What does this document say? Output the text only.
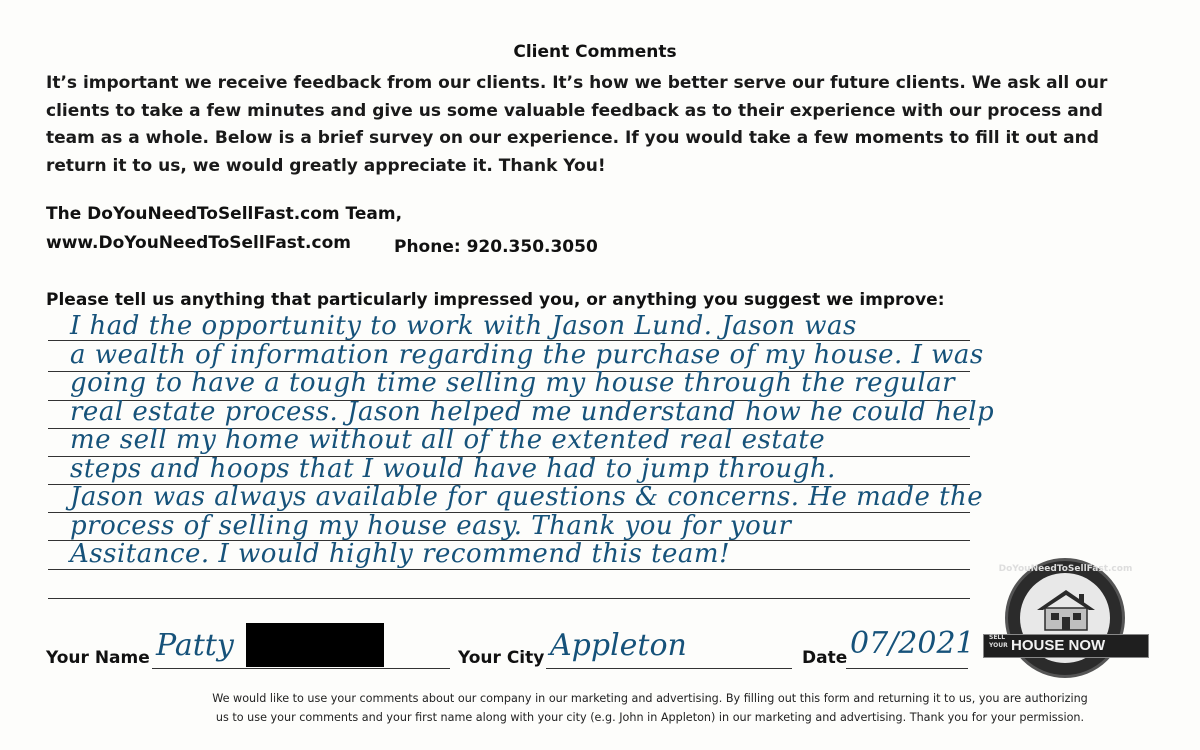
Client Comments
It’s important we receive feedback from our clients. It’s how we better serve our future clients. We ask all our
clients to take a few minutes and give us some valuable feedback as to their experience with our process and
team as a whole. Below is a brief survey on our experience. If you would take a few moments to fill it out and
return it to us, we would greatly appreciate it. Thank You!
The DoYouNeedToSellFast.com Team,
www.DoYouNeedToSellFast.com	Phone: 920.350.3050
Please tell us anything that particularly impressed you, or anything you suggest we improve:
I had the opportunity to work with Jason Lund. Jason was
a wealth of information regarding the purchase of my house. I was
going to have a tough time selling my house through the regular
real estate process. Jason helped me understand how he could help
me sell my home without all of the extented real estate
steps and hoops that I would have had to jump through.
Jason was always available for questions & concerns. He made the
process of selling my house easy. Thank you for your
Assitance. I would highly recommend this team!	DoYouNeedToSellFast.com
SELL YOUR HOUSE NOW
Your Name Patty	Your City Appleton	Date 07/2021
We would like to use your comments about our company in our marketing and advertising. By filling out this form and returning it to us, you are authorizing
us to use your comments and your first name along with your city (e.g. John in Appleton) in our marketing and advertising. Thank you for your permission.
